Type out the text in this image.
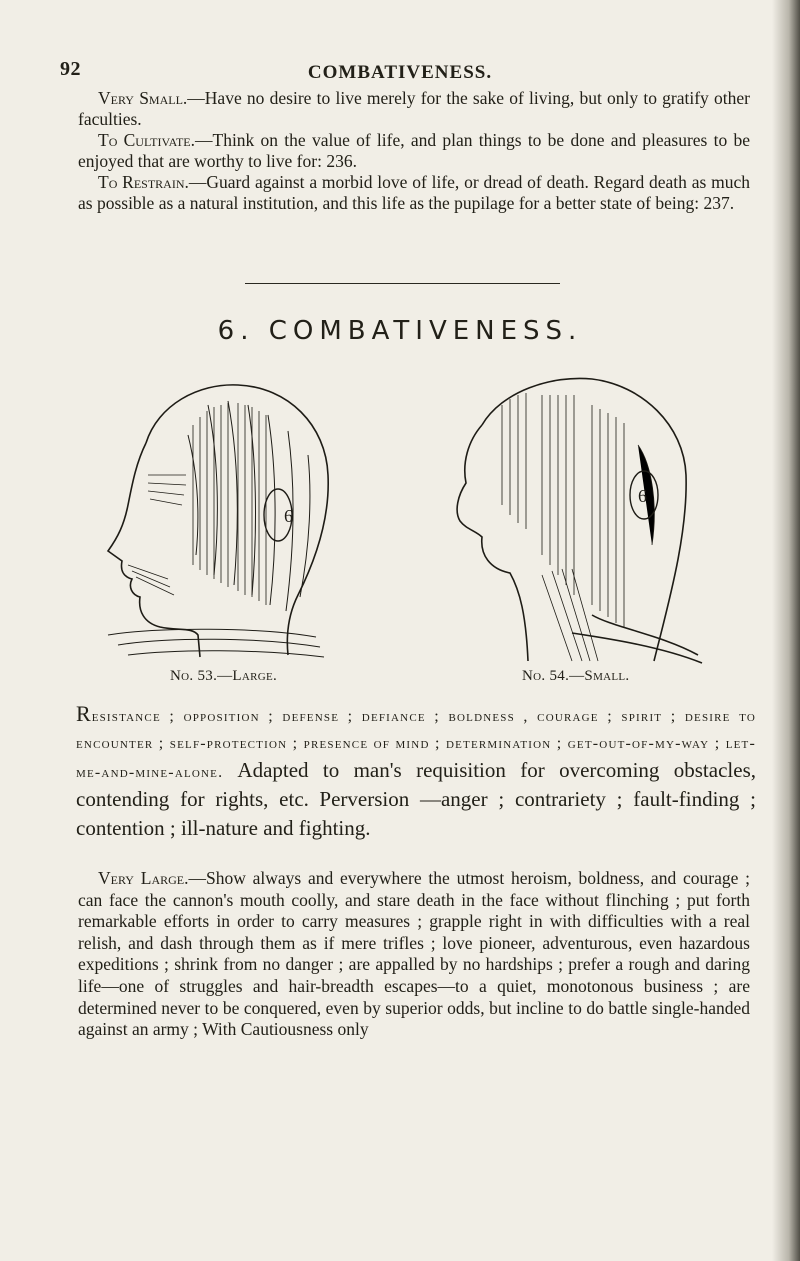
92	COMBATIVENESS.

Very Small.—Have no desire to live merely for the sake of living, but only to gratify other faculties.

To Cultivate.—Think on the value of life, and plan things to be done and pleasures to be enjoyed that are worthy to live for: 236.

To Restrain.—Guard against a morbid love of life, or dread of death. Regard death as much as possible as a natural institution, and this life as the pupilage for a better state of being: 237.

6. COMBATIVENESS.
6
No. 53.—Large.
6
No. 54.—Small.
Resistance ; opposition ; defense ; defiance ; boldness , courage ; spirit ; desire to encounter ; self-protection ; presence of mind ; determination ; get-out-of-my-way ; let-me-and-mine-alone. Adapted to man's requisition for overcoming obstacles, contending for rights, etc. Perversion —anger ; contrariety ; fault-finding ; contention ; ill-nature and fighting.

Very Large.—Show always and everywhere the utmost heroism, boldness, and courage ; can face the cannon's mouth coolly, and stare death in the face without flinching ; put forth remarkable efforts in order to carry measures ; grapple right in with difficulties with a real relish, and dash through them as if mere trifles ; love pioneer, adventurous, even hazardous expeditions ; shrink from no danger ; are appalled by no hardships ; prefer a rough and daring life—one of struggles and hair-breadth escapes—to a quiet, monotonous business ; are determined never to be conquered, even by superior odds, but incline to do battle single-handed against an army ; With Cautiousness only
